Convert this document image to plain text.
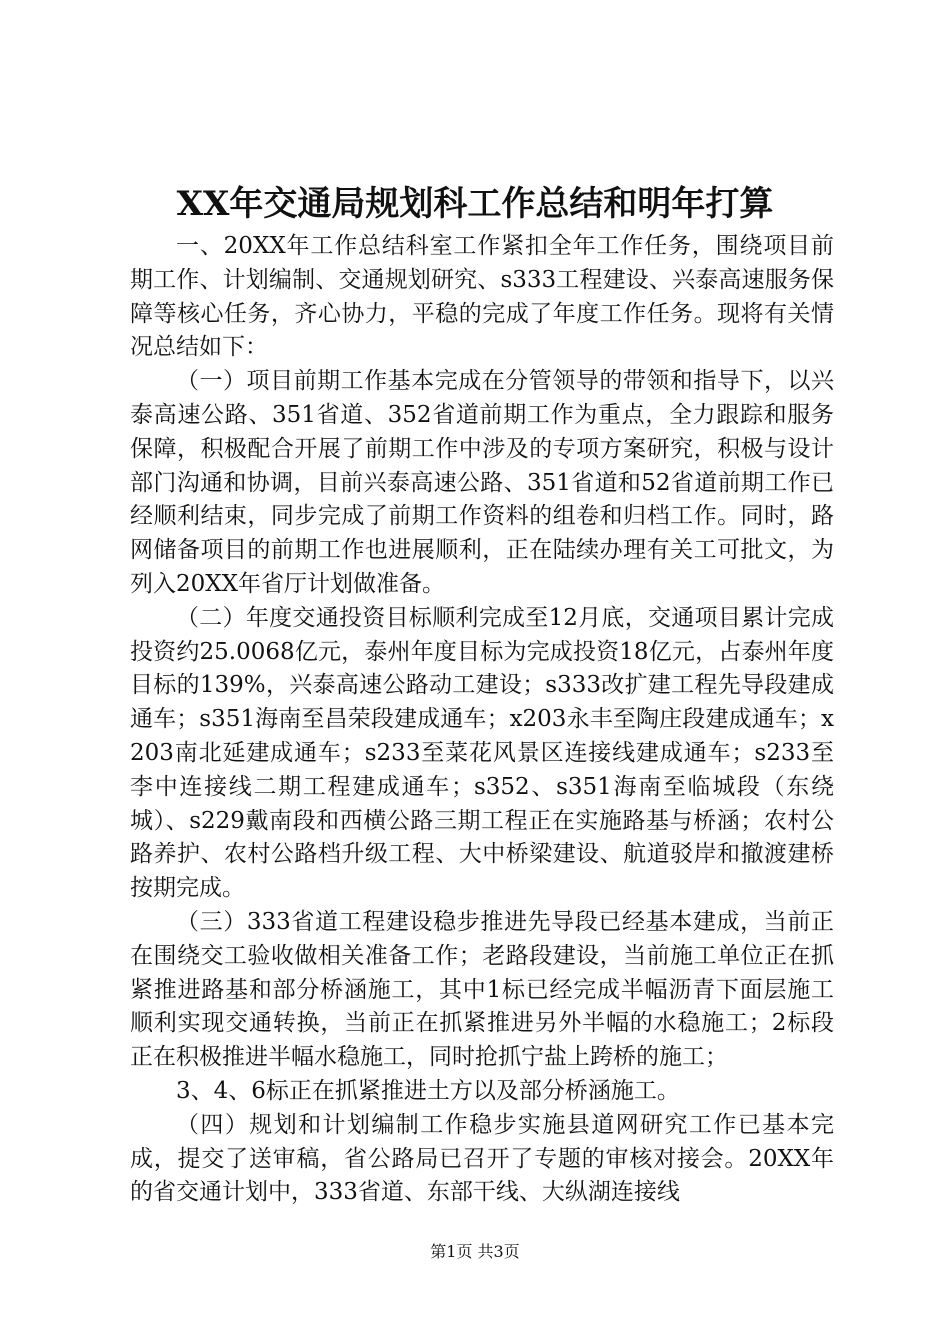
XX年交通局规划科工作总结和明年打算

一、20XX年工作总结科室工作紧扣全年工作任务，围绕项目前期工作、计划编制、交通规划研究、s333工程建设、兴泰高速服务保障等核心任务，齐心协力，平稳的完成了年度工作任务。现将有关情况总结如下：

（一）项目前期工作基本完成在分管领导的带领和指导下，以兴泰高速公路、351省道、352省道前期工作为重点，全力跟踪和服务保障，积极配合开展了前期工作中涉及的专项方案研究，积极与设计部门沟通和协调，目前兴泰高速公路、351省道和52省道前期工作已经顺利结束，同步完成了前期工作资料的组卷和归档工作。同时，路网储备项目的前期工作也进展顺利，正在陆续办理有关工可批文，为列入20XX年省厅计划做准备。

（二）年度交通投资目标顺利完成至12月底，交通项目累计完成投资约25.0068亿元，泰州年度目标为完成投资18亿元，占泰州年度目标的139%，兴泰高速公路动工建设；s333改扩建工程先导段建成通车；s351海南至昌荣段建成通车；x203永丰至陶庄段建成通车；x203南北延建成通车；s233至菜花风景区连接线建成通车；s233至李中连接线二期工程建成通车；s352、s351海南至临城段（东绕城）、s229戴南段和西横公路三期工程正在实施路基与桥涵；农村公路养护、农村公路档升级工程、大中桥梁建设、航道驳岸和撤渡建桥按期完成。

（三）333省道工程建设稳步推进先导段已经基本建成，当前正在围绕交工验收做相关准备工作；老路段建设，当前施工单位正在抓紧推进路基和部分桥涵施工，其中1标已经完成半幅沥青下面层施工顺利实现交通转换，当前正在抓紧推进另外半幅的水稳施工；2标段正在积极推进半幅水稳施工，同时抢抓宁盐上跨桥的施工；

3、4、6标正在抓紧推进土方以及部分桥涵施工。

（四）规划和计划编制工作稳步实施县道网研究工作已基本完成，提交了送审稿，省公路局已召开了专题的审核对接会。20XX年的省交通计划中，333省道、东部干线、大纵湖连接线

第1页 共3页
